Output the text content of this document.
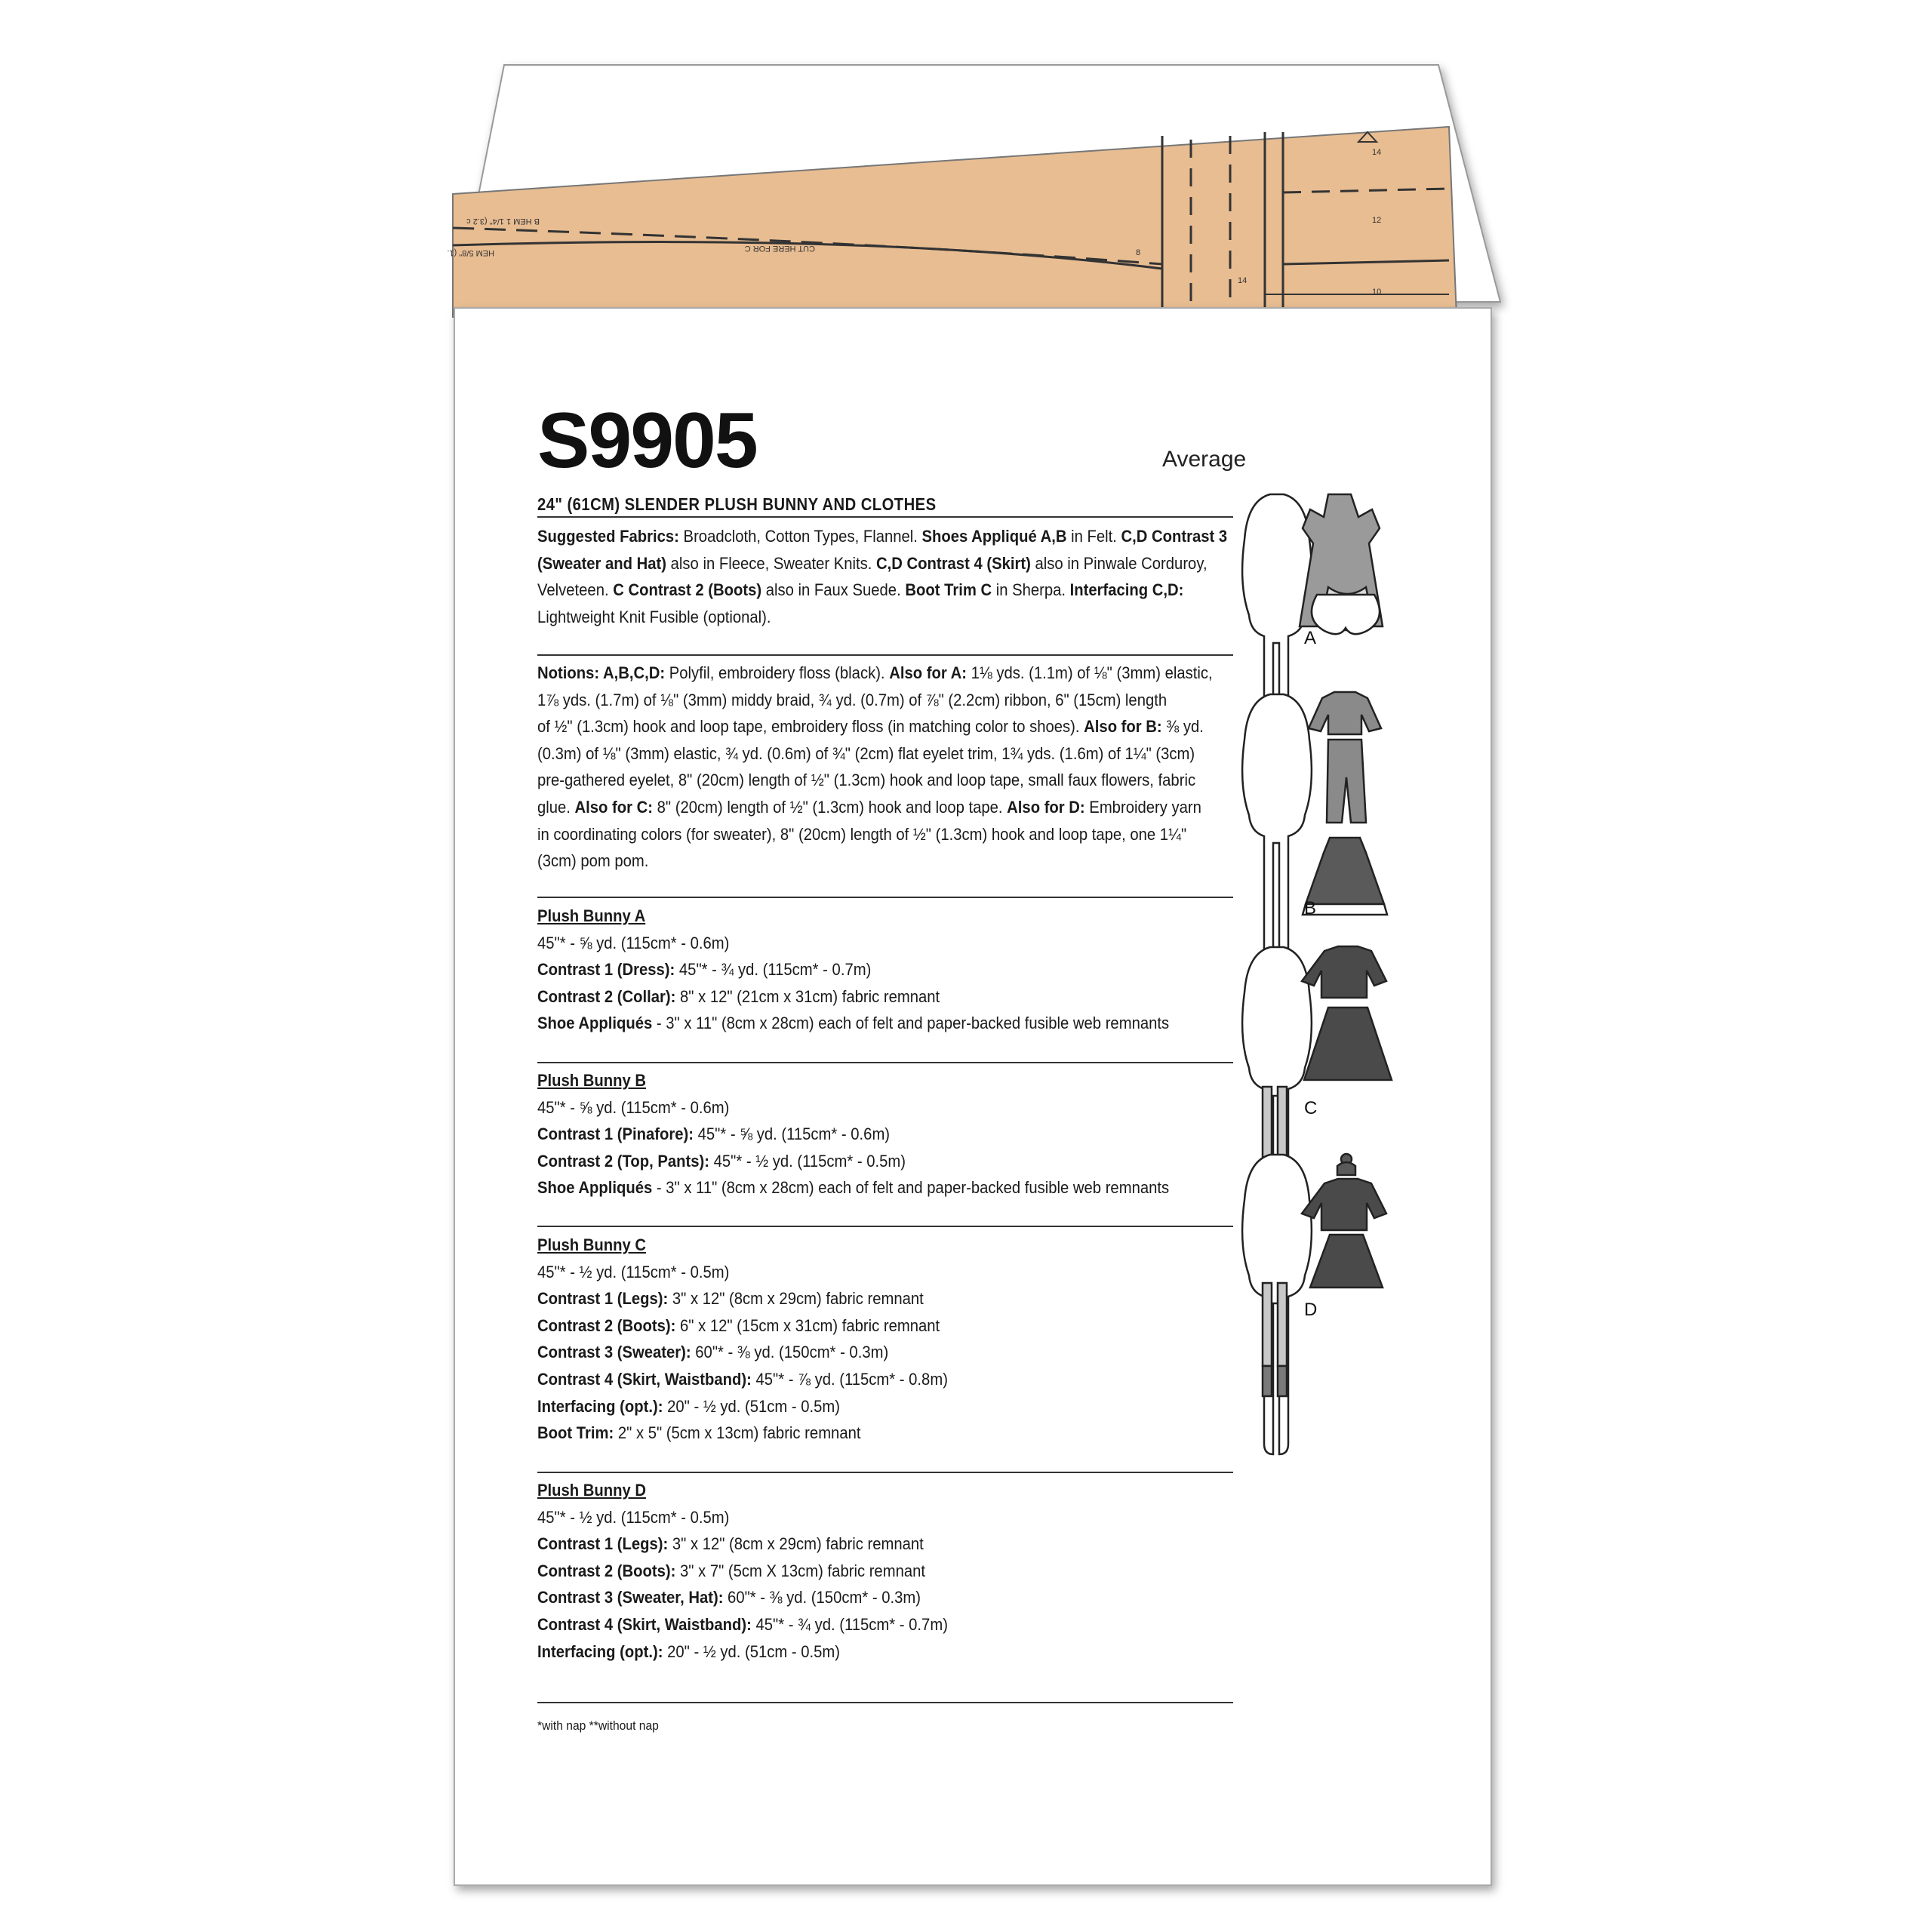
B HEM 1 1/4" (3.2 c
HEM 5/8" (1.	CUT HERE FOR C
14
12
10
14
8
S9905	Average
24" (61CM) SLENDER PLUSH BUNNY AND CLOTHES
Suggested Fabrics: Broadcloth, Cotton Types, Flannel. Shoes Appliqué A,B in Felt. C,D Contrast 3
(Sweater and Hat) also in Fleece, Sweater Knits. C,D Contrast 4 (Skirt) also in Pinwale Corduroy,
Velveteen. C Contrast 2 (Boots) also in Faux Suede. Boot Trim C in Sherpa. Interfacing C,D:
Lightweight Knit Fusible (optional).
Notions: A,B,C,D: Polyfil, embroidery floss (black). Also for A: 1⅛ yds. (1.1m) of ⅛" (3mm) elastic,
1⅞ yds. (1.7m) of ⅛" (3mm) middy braid, ¾ yd. (0.7m) of ⅞" (2.2cm) ribbon, 6" (15cm) length
of ½" (1.3cm) hook and loop tape, embroidery floss (in matching color to shoes). Also for B: ⅜ yd.
(0.3m) of ⅛" (3mm) elastic, ¾ yd. (0.6m) of ¾" (2cm) flat eyelet trim, 1¾ yds. (1.6m) of 1¼" (3cm)
pre-gathered eyelet, 8" (20cm) length of ½" (1.3cm) hook and loop tape, small faux flowers, fabric
glue. Also for C: 8" (20cm) length of ½" (1.3cm) hook and loop tape. Also for D: Embroidery yarn
in coordinating colors (for sweater), 8" (20cm) length of ½" (1.3cm) hook and loop tape, one 1¼"
(3cm) pom pom.
Plush Bunny A
45"* - ⅝ yd. (115cm* - 0.6m)
Contrast 1 (Dress): 45"* - ¾ yd. (115cm* - 0.7m)
Contrast 2 (Collar): 8" x 12" (21cm x 31cm) fabric remnant
Shoe Appliqués - 3" x 11" (8cm x 28cm) each of felt and paper-backed fusible web remnants
Plush Bunny B
45"* - ⅝ yd. (115cm* - 0.6m)
Contrast 1 (Pinafore): 45"* - ⅝ yd. (115cm* - 0.6m)
Contrast 2 (Top, Pants): 45"* - ½ yd. (115cm* - 0.5m)
Shoe Appliqués - 3" x 11" (8cm x 28cm) each of felt and paper-backed fusible web remnants
Plush Bunny C
45"* - ½ yd. (115cm* - 0.5m)
Contrast 1 (Legs): 3" x 12" (8cm x 29cm) fabric remnant
Contrast 2 (Boots): 6" x 12" (15cm x 31cm) fabric remnant
Contrast 3 (Sweater): 60"* - ⅜ yd. (150cm* - 0.3m)
Contrast 4 (Skirt, Waistband): 45"* - ⅞ yd. (115cm* - 0.8m)
Interfacing (opt.): 20" - ½ yd. (51cm - 0.5m)
Boot Trim: 2" x 5" (5cm x 13cm) fabric remnant
Plush Bunny D
45"* - ½ yd. (115cm* - 0.5m)
Contrast 1 (Legs): 3" x 12" (8cm x 29cm) fabric remnant
Contrast 2 (Boots): 3" x 7" (5cm X 13cm) fabric remnant
Contrast 3 (Sweater, Hat): 60"* - ⅜ yd. (150cm* - 0.3m)
Contrast 4 (Skirt, Waistband): 45"* - ¾ yd. (115cm* - 0.7m)
Interfacing (opt.): 20" - ½ yd. (51cm - 0.5m)
*with nap **without nap
A
B
C
D
